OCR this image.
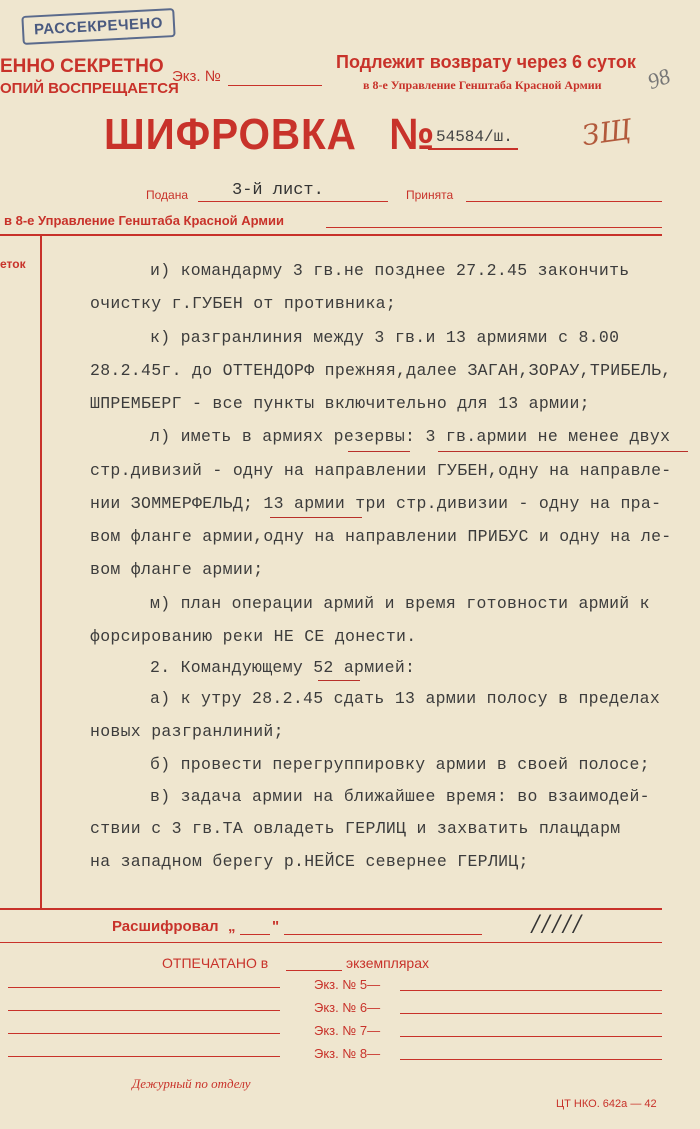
РАССЕКРЕЧЕНО
ЕННО СЕКРЕТНО
ОПИЙ ВОСПРЕЩАЕТСЯ
Экз. №
Подлежит возврату через 6 суток
в 8-е Управление Генштаба Красной Армии 98
ШИФРОВКА № 54584/ш. ЗЩ
Подана	3-й лист.	Принята
в 8-е Управление Генштаба Красной Армии
еток	и) командарму 3 гв.не позднее 27.2.45 закончить
очистку г.ГУБЕН от противника;
к) разгранлиния между 3 гв.и 13 армиями с 8.00
28.2.45г. до ОТТЕНДОРФ прежняя,далее ЗАГАН,ЗОРАУ,ТРИБЕЛЬ,
ШПРЕМБЕРГ - все пункты включительно для 13 армии;
л) иметь в армиях резервы: 3 гв.армии не менее двух
стр.дивизий - одну на направлении ГУБЕН,одну на направле-
нии ЗОММЕРФЕЛЬД; 13 армии три стр.дивизии - одну на пра-
вом фланге армии,одну на направлении ПРИБУС и одну на ле-
вом фланге армии;
м) план операции армий и время готовности армий к
форсированию реки НЕ СЕ донести.
2. Командующему 52 армией:
а) к утру 28.2.45 сдать 13 армии полосу в пределах
новых разгранлиний;
б) провести перегруппировку армии в своей полосе;
в) задача армии на ближайшее время: во взаимодей-
ствии с 3 гв.ТА овладеть ГЕРЛИЦ и захватить плацдарм
на западном берегу р.НЕЙСЕ севернее ГЕРЛИЦ;
Расшифровал „ "	/////
ОТПЕЧАТАНО в	экземплярах
Экз. № 5—
Экз. № 6—
Экз. № 7—
Экз. № 8—
Дежурный по отделу
ЦТ НКО. 642а — 42
